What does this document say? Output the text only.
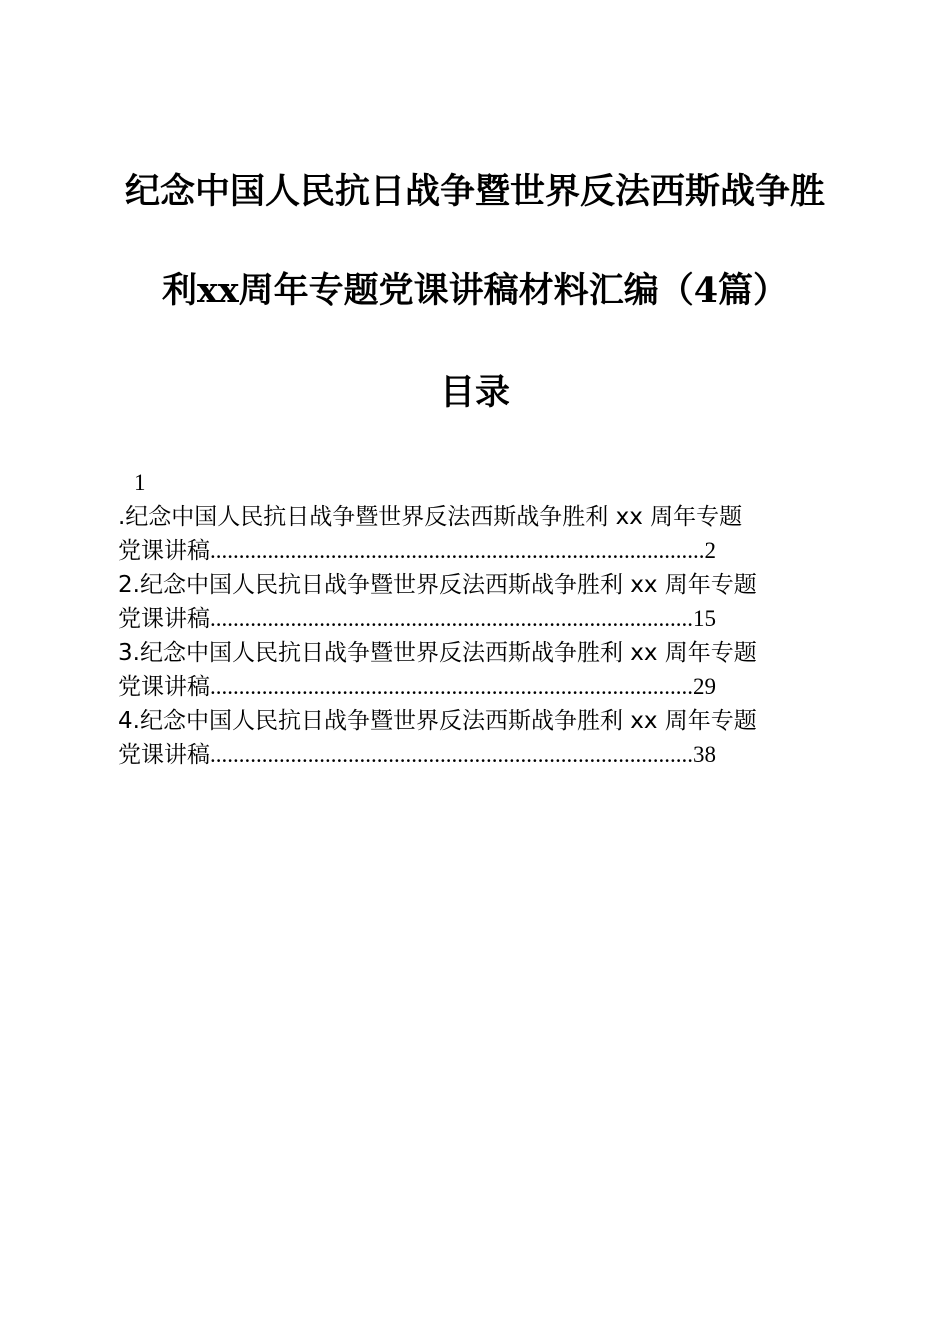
纪念中国人民抗日战争暨世界反法西斯战争胜
利xx周年专题党课讲稿材料汇编（4篇）
目录
1
.纪念中国人民抗日战争暨世界反法西斯战争胜利 xx 周年专题
党课讲稿 ...................................................................................... 2
2.纪念中国人民抗日战争暨世界反法西斯战争胜利 xx 周年专题
党课讲稿 .................................................................................... 15
3.纪念中国人民抗日战争暨世界反法西斯战争胜利 xx 周年专题
党课讲稿 .................................................................................... 29
4.纪念中国人民抗日战争暨世界反法西斯战争胜利 xx 周年专题
党课讲稿 .................................................................................... 38
